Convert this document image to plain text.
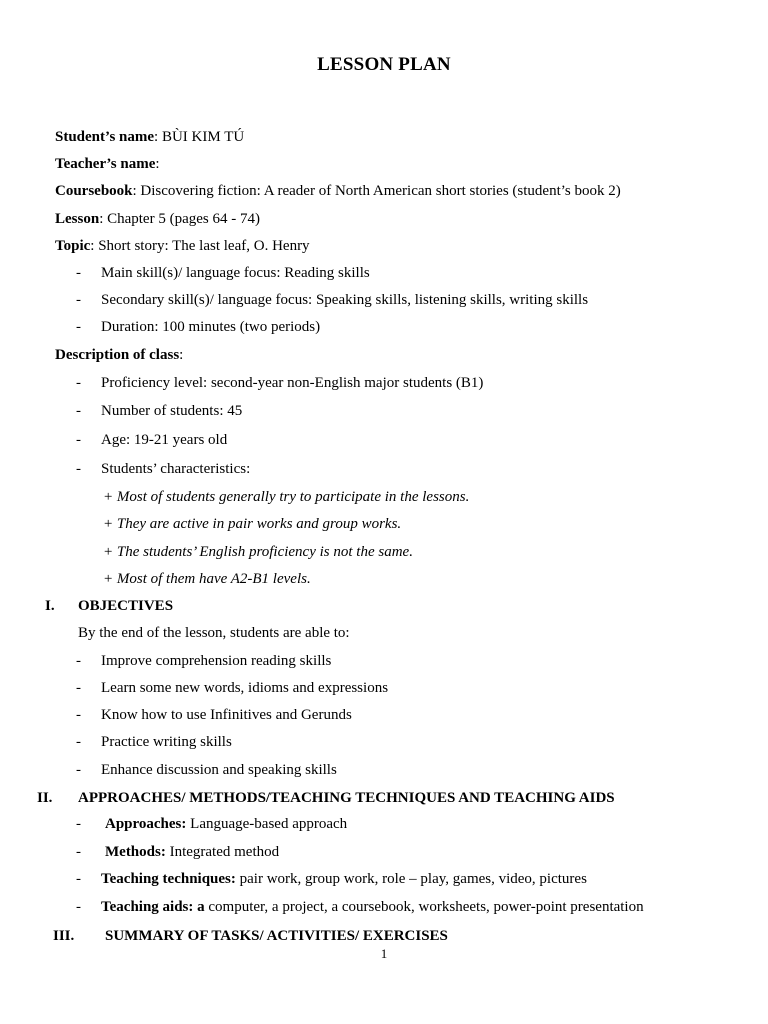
LESSON PLAN
Student’s name: BÙI KIM TÚ
Teacher’s name:
Coursebook: Discovering fiction: A reader of North American short stories (student’s book 2)
Lesson: Chapter 5 (pages 64 - 74)
Topic: Short story: The last leaf, O. Henry
- Main skill(s)/ language focus: Reading skills
- Secondary skill(s)/ language focus: Speaking skills, listening skills, writing skills
- Duration: 100 minutes (two periods)
Description of class:
- Proficiency level: second-year non-English major students (B1)
- Number of students: 45
- Age: 19-21 years old
- Students’ characteristics:
+ Most of students generally try to participate in the lessons.
+ They are active in pair works and group works.
+ The students’ English proficiency is not the same.
+ Most of them have A2-B1 levels.
I. OBJECTIVES
By the end of the lesson, students are able to:
- Improve comprehension reading skills
- Learn some new words, idioms and expressions
- Know how to use Infinitives and Gerunds
- Practice writing skills
- Enhance discussion and speaking skills
II. APPROACHES/ METHODS/TEACHING TECHNIQUES AND TEACHING AIDS
- Approaches: Language-based approach
- Methods: Integrated method
- Teaching techniques: pair work, group work, role – play, games, video, pictures
- Teaching aids: a computer, a project, a coursebook, worksheets, power-point presentation
III. SUMMARY OF TASKS/ ACTIVITIES/ EXERCISES
1
